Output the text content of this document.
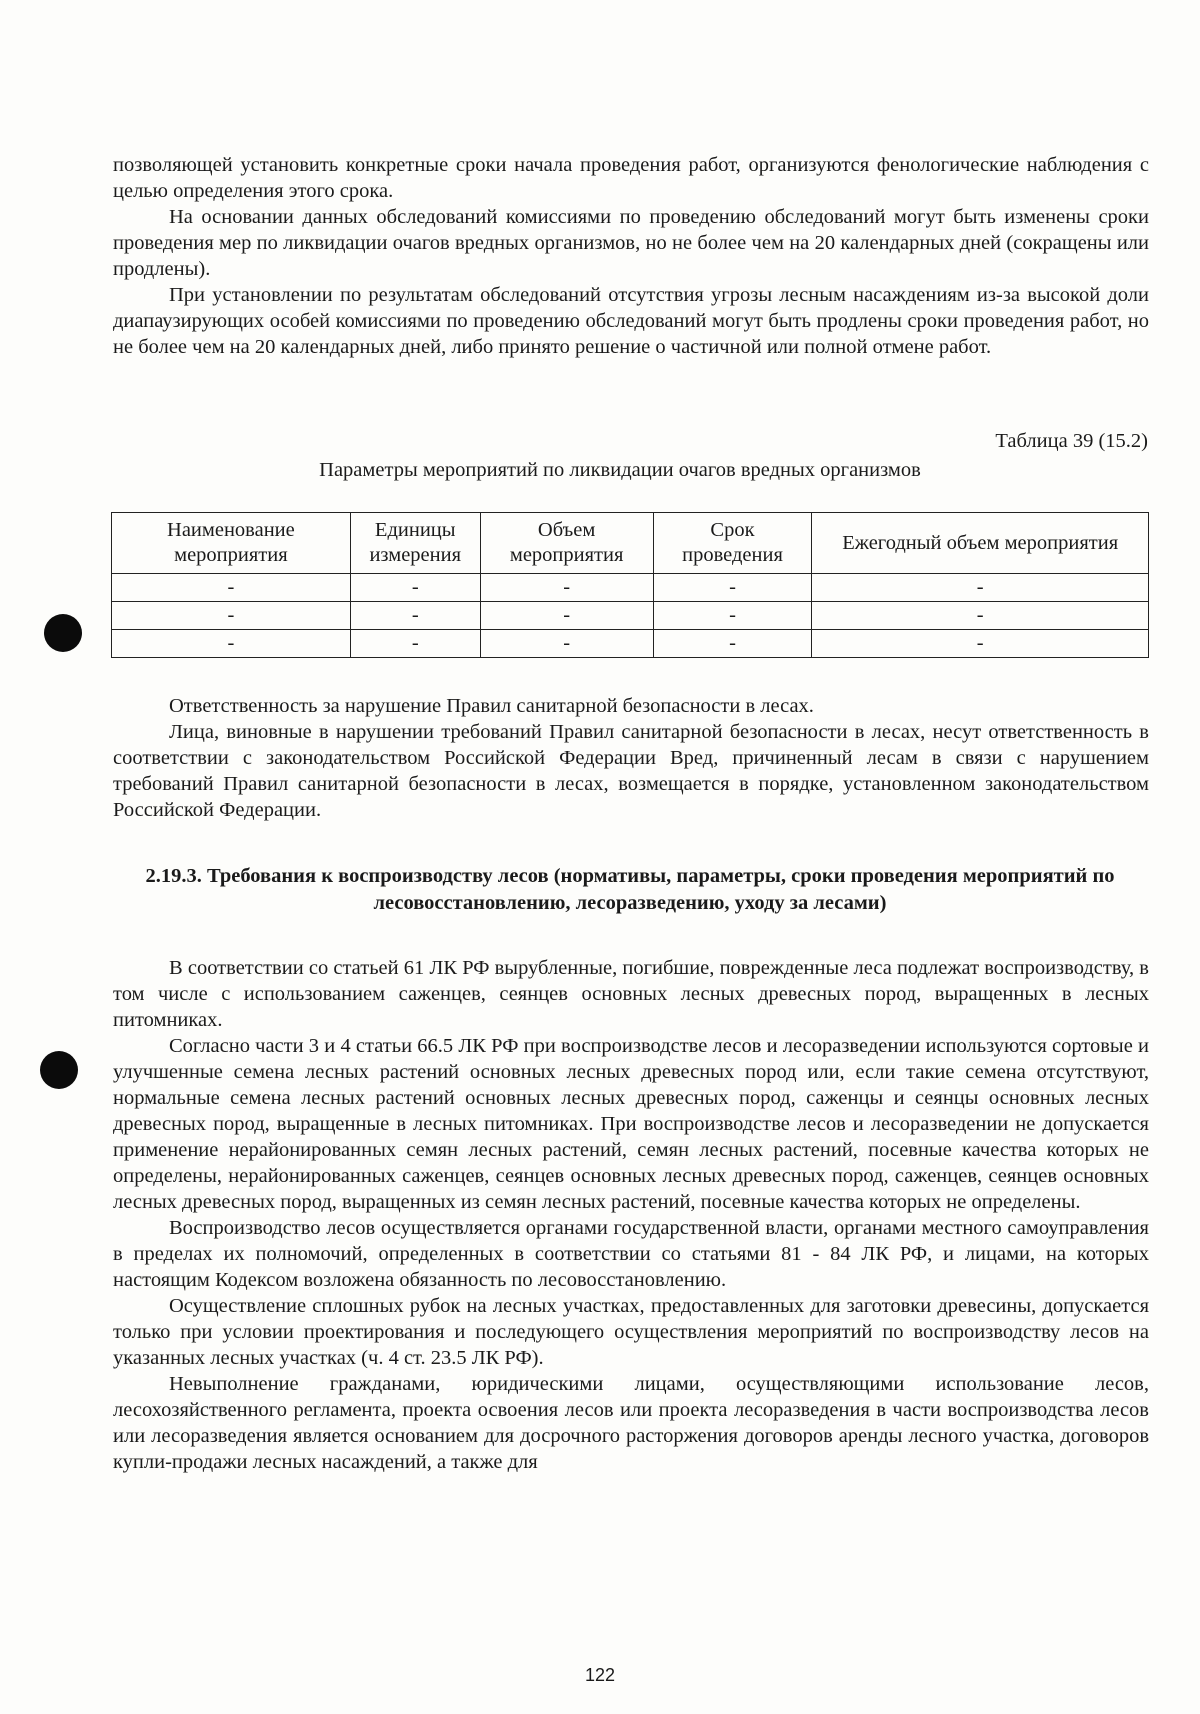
позволяющей установить конкретные сроки начала проведения работ, организуются фенологические наблюдения с целью определения этого срока.

На основании данных обследований комиссиями по проведению обследований могут быть изменены сроки проведения мер по ликвидации очагов вредных организмов, но не более чем на 20 календарных дней (сокращены или продлены).

При установлении по результатам обследований отсутствия угрозы лесным насаждениям из-за высокой доли диапаузирующих особей комиссиями по проведению обследований могут быть продлены сроки проведения работ, но не более чем на 20 календарных дней, либо принято решение о частичной или полной отмене работ.

Таблица 39 (15.2)
Параметры мероприятий по ликвидации очагов вредных организмов
Наименование мероприятия	Единицы измерения	Объем мероприятия	Срок проведения	Ежегодный объем мероприятия
-	-	-	-	-
-	-	-	-	-
-	-	-	-	-

Ответственность за нарушение Правил санитарной безопасности в лесах.

Лица, виновные в нарушении требований Правил санитарной безопасности в лесах, несут ответственность в соответствии с законодательством Российской Федерации Вред, причиненный лесам в связи с нарушением требований Правил санитарной безопасности в лесах, возмещается в порядке, установленном законодательством Российской Федерации.

2.19.3. Требования к воспроизводству лесов (нормативы, параметры, сроки проведения мероприятий по лесовосстановлению, лесоразведению, уходу за лесами)

В соответствии со статьей 61 ЛК РФ вырубленные, погибшие, поврежденные леса подлежат воспроизводству, в том числе с использованием саженцев, сеянцев основных лесных древесных пород, выращенных в лесных питомниках.

Согласно части 3 и 4 статьи 66.5 ЛК РФ при воспроизводстве лесов и лесоразведении используются сортовые и улучшенные семена лесных растений основных лесных древесных пород или, если такие семена отсутствуют, нормальные семена лесных растений основных лесных древесных пород, саженцы и сеянцы основных лесных древесных пород, выращенные в лесных питомниках. При воспроизводстве лесов и лесоразведении не допускается применение нерайонированных семян лесных растений, семян лесных растений, посевные качества которых не определены, нерайонированных саженцев, сеянцев основных лесных древесных пород, саженцев, сеянцев основных лесных древесных пород, выращенных из семян лесных растений, посевные качества которых не определены.

Воспроизводство лесов осуществляется органами государственной власти, органами местного самоуправления в пределах их полномочий, определенных в соответствии со статьями 81 - 84 ЛК РФ, и лицами, на которых настоящим Кодексом возложена обязанность по лесовосстановлению.

Осуществление сплошных рубок на лесных участках, предоставленных для заготовки древесины, допускается только при условии проектирования и последующего осуществления мероприятий по воспроизводству лесов на указанных лесных участках (ч. 4 ст. 23.5 ЛК РФ).

Невыполнение гражданами, юридическими лицами, осуществляющими использование лесов, лесохозяйственного регламента, проекта освоения лесов или проекта лесоразведения в части воспроизводства лесов или лесоразведения является основанием для досрочного расторжения договоров аренды лесного участка, договоров купли-продажи лесных насаждений, а также для

122
